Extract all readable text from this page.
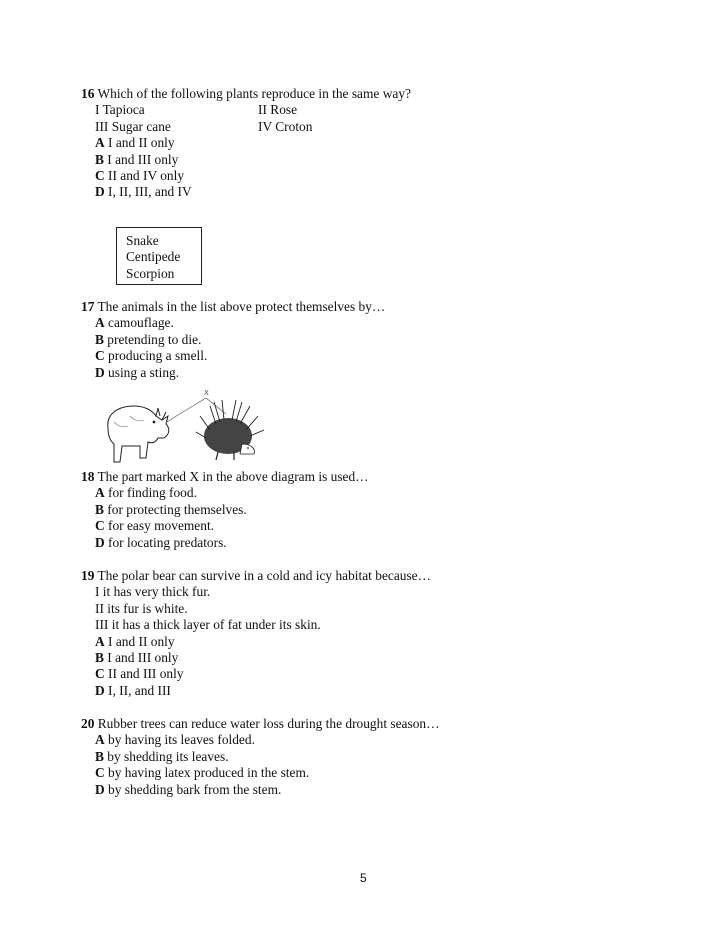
16 Which of the following plants reproduce in the same way?
I Tapioca	II Rose
III Sugar cane	IV Croton
A I and II only
B I and III only
C II and IV only
D I, II, III, and IV
Snake
Centipede
Scorpion
17 The animals in the list above protect themselves by…
A camouflage.
B pretending to die.
C producing a smell.
D using a sting.
X
18 The part marked X in the above diagram is used…
A for finding food.
B for protecting themselves.
C for easy movement.
D for locating predators.
19 The polar bear can survive in a cold and icy habitat because…
I it has very thick fur.
II its fur is white.
III it has a thick layer of fat under its skin.
A I and II only
B I and III only
C II and III only
D I, II, and III
20 Rubber trees can reduce water loss during the drought season…
A by having its leaves folded.
B by shedding its leaves.
C by having latex produced in the stem.
D by shedding bark from the stem.
5
